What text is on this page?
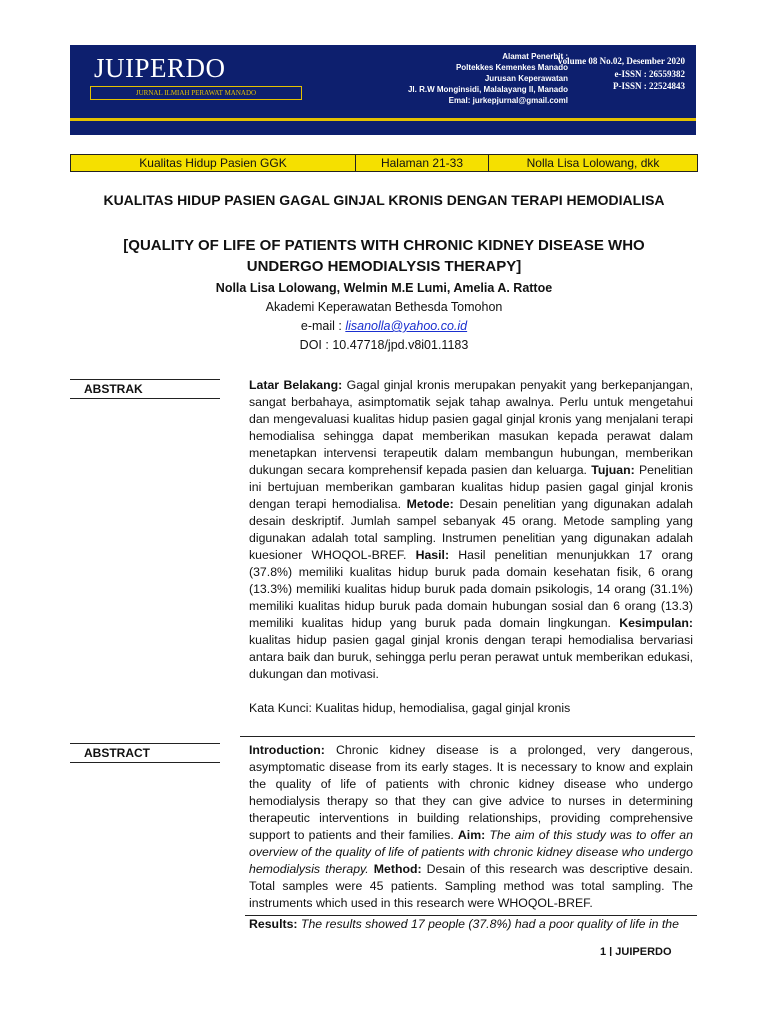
JUIPERDO
JURNAL ILMIAH PERAWAT MANADO
Alamat Penerbit :
Poltekkes Kemenkes Manado
Jurusan Keperawatan
Jl. R.W Monginsidi, Malalayang II, Manado
Emal: jurkepjurnal@gmail.coml
Volume 08 No.02, Desember 2020
e-ISSN : 26559382
P-ISSN : 22524843
Kualitas Hidup Pasien GGK	Halaman 21-33	Nolla Lisa Lolowang, dkk
KUALITAS HIDUP PASIEN GAGAL GINJAL KRONIS DENGAN TERAPI HEMODIALISA
[QUALITY OF LIFE OF PATIENTS WITH CHRONIC KIDNEY DISEASE WHO
UNDERGO HEMODIALYSIS THERAPY]
Nolla Lisa Lolowang, Welmin M.E Lumi, Amelia A. Rattoe
Akademi Keperawatan Bethesda Tomohon
e-mail : lisanolla@yahoo.co.id
DOI : 10.47718/jpd.v8i01.1183
ABSTRAK	Latar Belakang: Gagal ginjal kronis merupakan penyakit yang berkepanjangan, sangat berbahaya, asimptomatik sejak tahap awalnya. Perlu untuk mengetahui dan mengevaluasi kualitas hidup pasien gagal ginjal kronis yang menjalani terapi hemodialisa sehingga dapat memberikan masukan kepada perawat dalam menetapkan intervensi terapeutik dalam membangun hubungan, memberikan dukungan secara komprehensif kepada pasien dan keluarga. Tujuan: Penelitian ini bertujuan memberikan gambaran kualitas hidup pasien gagal ginjal kronis dengan terapi hemodialisa. Metode: Desain penelitian yang digunakan adalah desain deskriptif. Jumlah sampel sebanyak 45 orang. Metode sampling yang digunakan adalah total sampling. Instrumen penelitian yang digunakan adalah kuesioner WHOQOL-BREF. Hasil: Hasil penelitian menunjukkan 17 orang (37.8%) memiliki kualitas hidup buruk pada domain kesehatan fisik, 6 orang (13.3%) memiliki kualitas hidup buruk pada domain psikologis, 14 orang (31.1%) memiliki kualitas hidup buruk pada domain hubungan sosial dan 6 orang (13.3) memiliki kualitas hidup yang buruk pada domain lingkungan. Kesimpulan: kualitas hidup pasien gagal ginjal kronis dengan terapi hemodialisa bervariasi antara baik dan buruk, sehingga perlu peran perawat untuk memberikan edukasi, dukungan dan motivasi.

Kata Kunci: Kualitas hidup, hemodialisa, gagal ginjal kronis

ABSTRACT	Introduction: Chronic kidney disease is a prolonged, very dangerous, asymptomatic disease from its early stages. It is necessary to know and explain the quality of life of patients with chronic kidney disease who undergo hemodialysis therapy so that they can give advice to nurses in determining therapeutic interventions in building relationships, providing comprehensive support to patients and their families. Aim: The aim of this study was to offer an overview of the quality of life of patients with chronic kidney disease who undergo hemodialysis therapy. Method: Desain of this research was descriptive desain. Total samples were 45 patients. Sampling method was total sampling. The instruments which used in this research were WHOQOL-BREF.

Results: The results showed 17 people (37.8%) had a poor quality of life in the

1 | JUIPERDO
